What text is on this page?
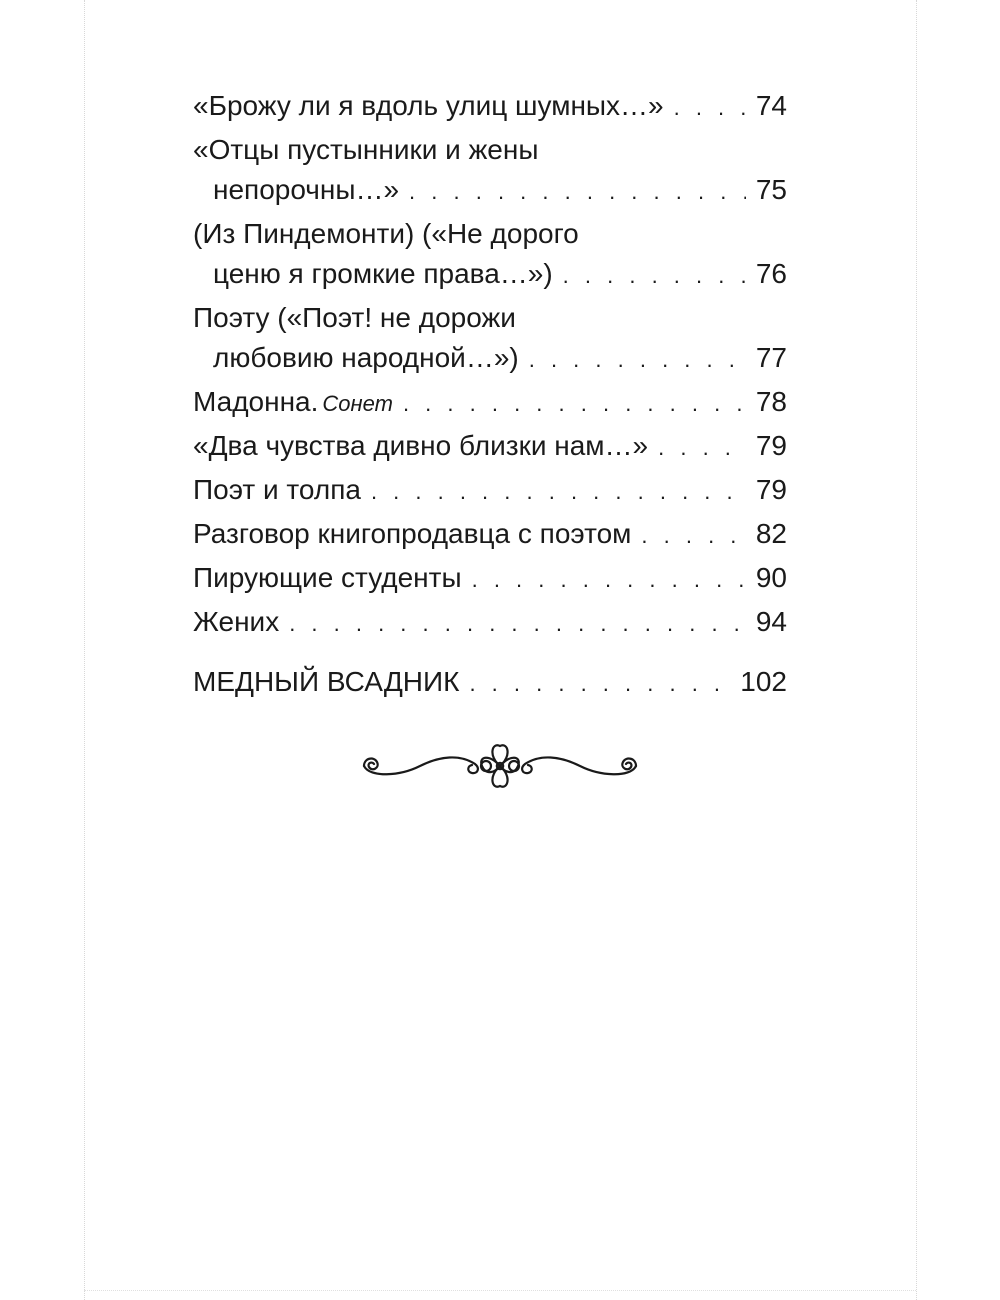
«Брожу ли я вдоль улиц шумных…» . . .	74
«Отцы пустынники и жены
непорочны…» . . .	75
(Из Пиндемонти) («Не дорого
ценю я громкие права…») . . .	76
Поэту («Поэт! не дорожи
любовию народной…») . . .	77
Мадонна. Сонет . . .	78
«Два чувства дивно близки нам…» . . .	79
Поэт и толпа . . .	79
Разговор книгопродавца с поэтом . . .	82
Пирующие студенты . . .	90
Жених . . .	94
МЕДНЫЙ ВСАДНИК . . .	102
